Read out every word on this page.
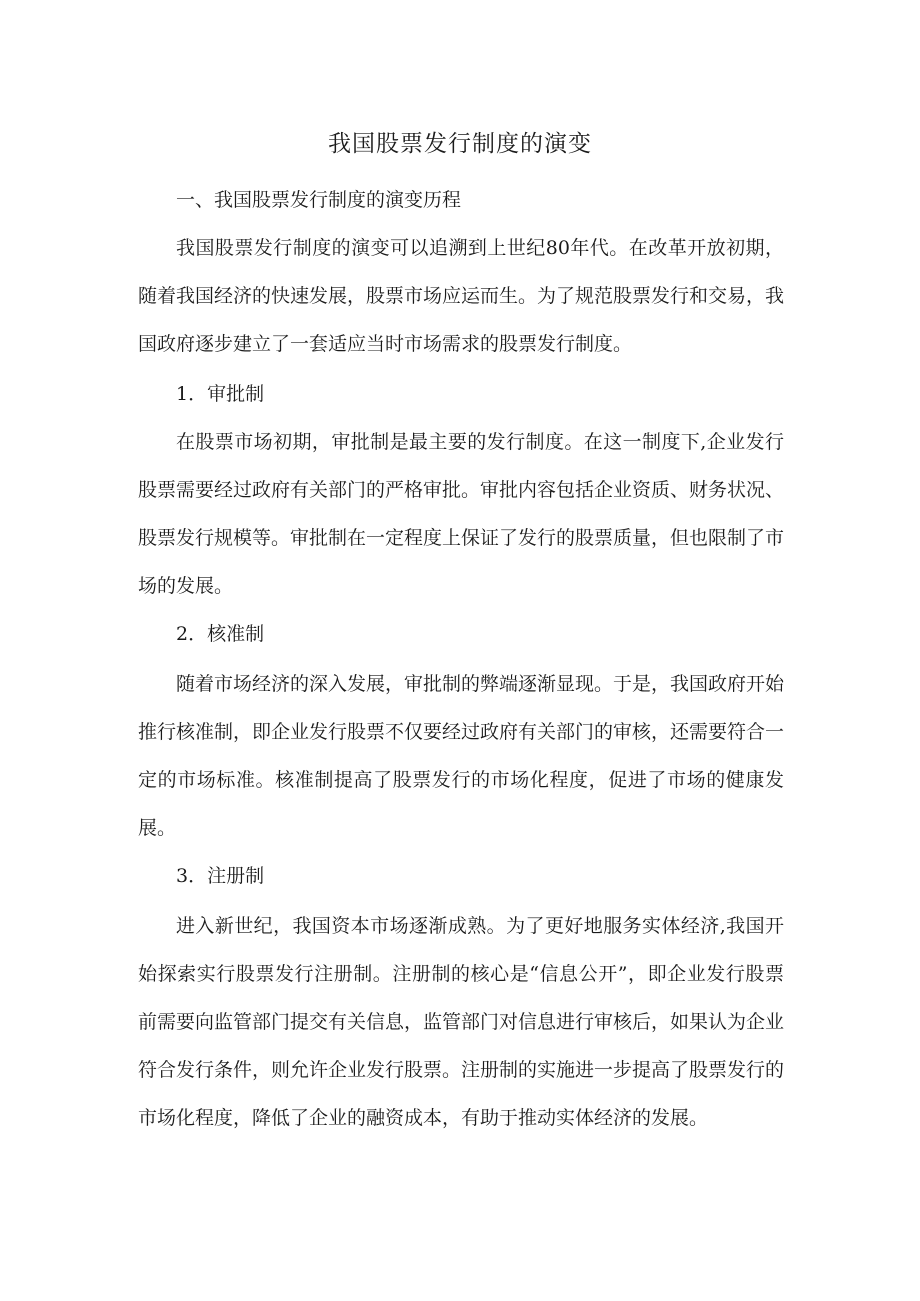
我国股票发行制度的演变

一、我国股票发行制度的演变历程

我国股票发行制度的演变可以追溯到上世纪80年代。在改革开放初期，随着我国经济的快速发展，股票市场应运而生。为了规范股票发行和交易，我国政府逐步建立了一套适应当时市场需求的股票发行制度。

1．审批制

在股票市场初期，审批制是最主要的发行制度。在这一制度下,企业发行股票需要经过政府有关部门的严格审批。审批内容包括企业资质、财务状况、股票发行规模等。审批制在一定程度上保证了发行的股票质量，但也限制了市场的发展。

2．核准制

随着市场经济的深入发展，审批制的弊端逐渐显现。于是，我国政府开始推行核准制，即企业发行股票不仅要经过政府有关部门的审核，还需要符合一定的市场标准。核准制提高了股票发行的市场化程度，促进了市场的健康发展。

3．注册制

进入新世纪，我国资本市场逐渐成熟。为了更好地服务实体经济,我国开始探索实行股票发行注册制。注册制的核心是“信息公开”，即企业发行股票前需要向监管部门提交有关信息，监管部门对信息进行审核后，如果认为企业符合发行条件，则允许企业发行股票。注册制的实施进一步提高了股票发行的市场化程度，降低了企业的融资成本，有助于推动实体经济的发展。
